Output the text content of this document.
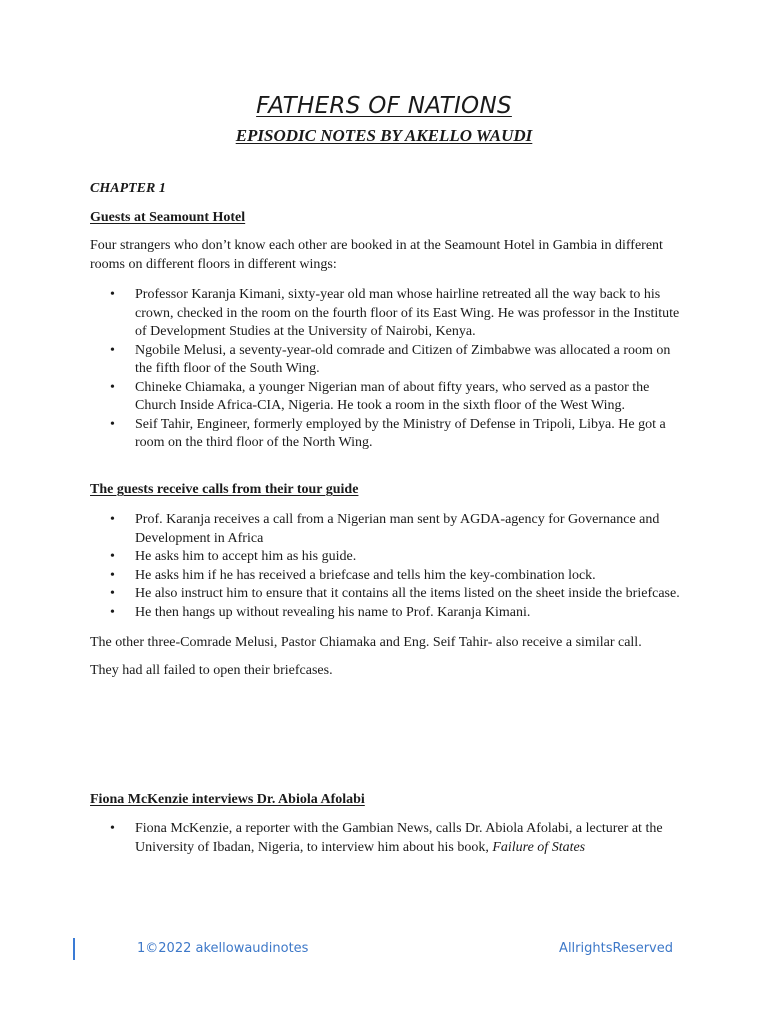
FATHERS OF NATIONS
EPISODIC NOTES BY AKELLO WAUDI

CHAPTER 1

Guests at Seamount Hotel

Four strangers who don’t know each other are booked in at the Seamount Hotel in Gambia in different rooms on different floors in different wings:

• Professor Karanja Kimani, sixty-year old man whose hairline retreated all the way back to his crown, checked in the room on the fourth floor of its East Wing. He was professor in the Institute of Development Studies at the University of Nairobi, Kenya.
• Ngobile Melusi, a seventy-year-old comrade and Citizen of Zimbabwe was allocated a room on the fifth floor of the South Wing.
• Chineke Chiamaka, a younger Nigerian man of about fifty years, who served as a pastor the Church Inside Africa-CIA, Nigeria. He took a room in the sixth floor of the West Wing.
• Seif Tahir, Engineer, formerly employed by the Ministry of Defense in Tripoli, Libya. He got a room on the third floor of the North Wing.

The guests receive calls from their tour guide

• Prof. Karanja receives a call from a Nigerian man sent by AGDA-agency for Governance and Development in Africa
• He asks him to accept him as his guide.
• He asks him if he has received a briefcase and tells him the key-combination lock.
• He also instruct him to ensure that it contains all the items listed on the sheet inside the briefcase.
• He then hangs up without revealing his name to Prof. Karanja Kimani.

The other three-Comrade Melusi, Pastor Chiamaka and Eng. Seif Tahir- also receive a similar call.

They had all failed to open their briefcases.

Fiona McKenzie interviews Dr. Abiola Afolabi

• Fiona McKenzie, a reporter with the Gambian News, calls Dr. Abiola Afolabi, a lecturer at the University of Ibadan, Nigeria, to interview him about his book, Failure of States
1©2022 akellowaudinotes	AllrightsReserved
